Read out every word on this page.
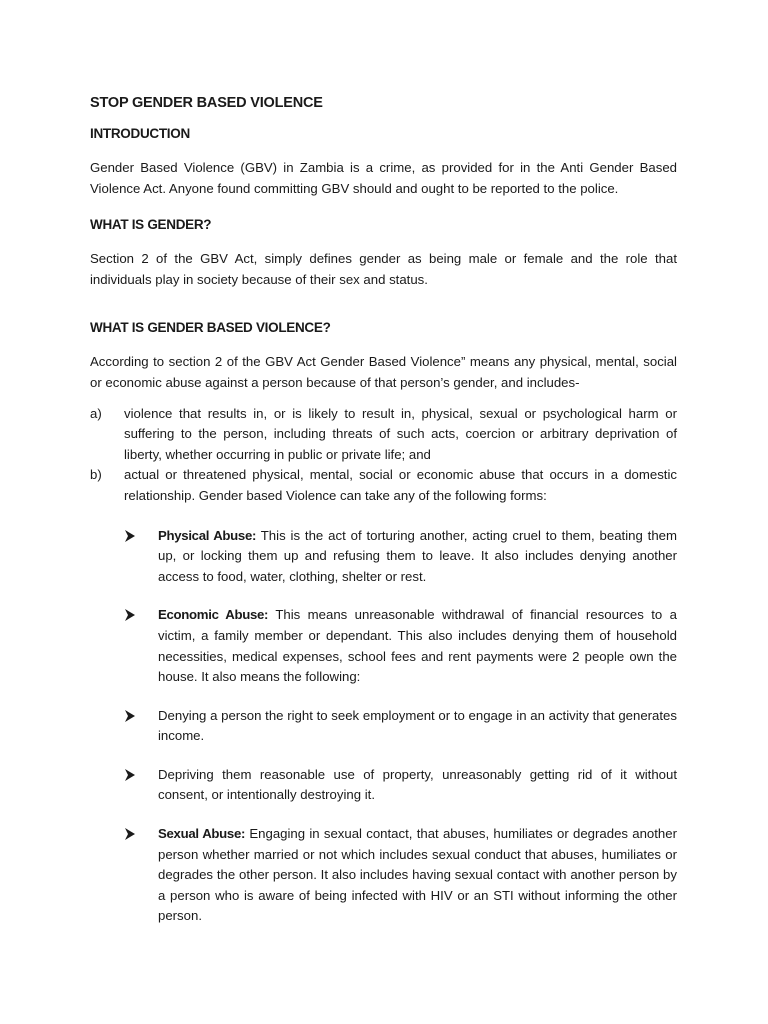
STOP GENDER BASED VIOLENCE
INTRODUCTION

Gender Based Violence (GBV) in Zambia is a crime, as provided for in the Anti Gender Based Violence Act. Anyone found committing GBV should and ought to be reported to the police.

WHAT IS GENDER?

Section 2 of the GBV Act, simply defines gender as being male or female and the role that individuals play in society because of their sex and status.

WHAT IS GENDER BASED VIOLENCE?

According to section 2 of the GBV Act Gender Based Violence” means any physical, mental, social or economic abuse against a person because of that person’s gender, and includes-

a)	violence that results in, or is likely to result in, physical, sexual or psychological harm or suffering to the person, including threats of such acts, coercion or arbitrary deprivation of liberty, whether occurring in public or private life; and
b)	actual or threatened physical, mental, social or economic abuse that occurs in a domestic relationship. Gender based Violence can take any of the following forms:
Physical Abuse: This is the act of torturing another, acting cruel to them, beating them up, or locking them up and refusing them to leave. It also includes denying another access to food, water, clothing, shelter or rest.
Economic Abuse: This means unreasonable withdrawal of financial resources to a victim, a family member or dependant. This also includes denying them of household necessities, medical expenses, school fees and rent payments were 2 people own the house. It also means the following:
Denying a person the right to seek employment or to engage in an activity that generates income.
Depriving them reasonable use of property, unreasonably getting rid of it without consent, or intentionally destroying it.
Sexual Abuse: Engaging in sexual contact, that abuses, humiliates or degrades another person whether married or not which includes sexual conduct that abuses, humiliates or degrades the other person. It also includes having sexual contact with another person by a person who is aware of being infected with HIV or an STI without informing the other person.
